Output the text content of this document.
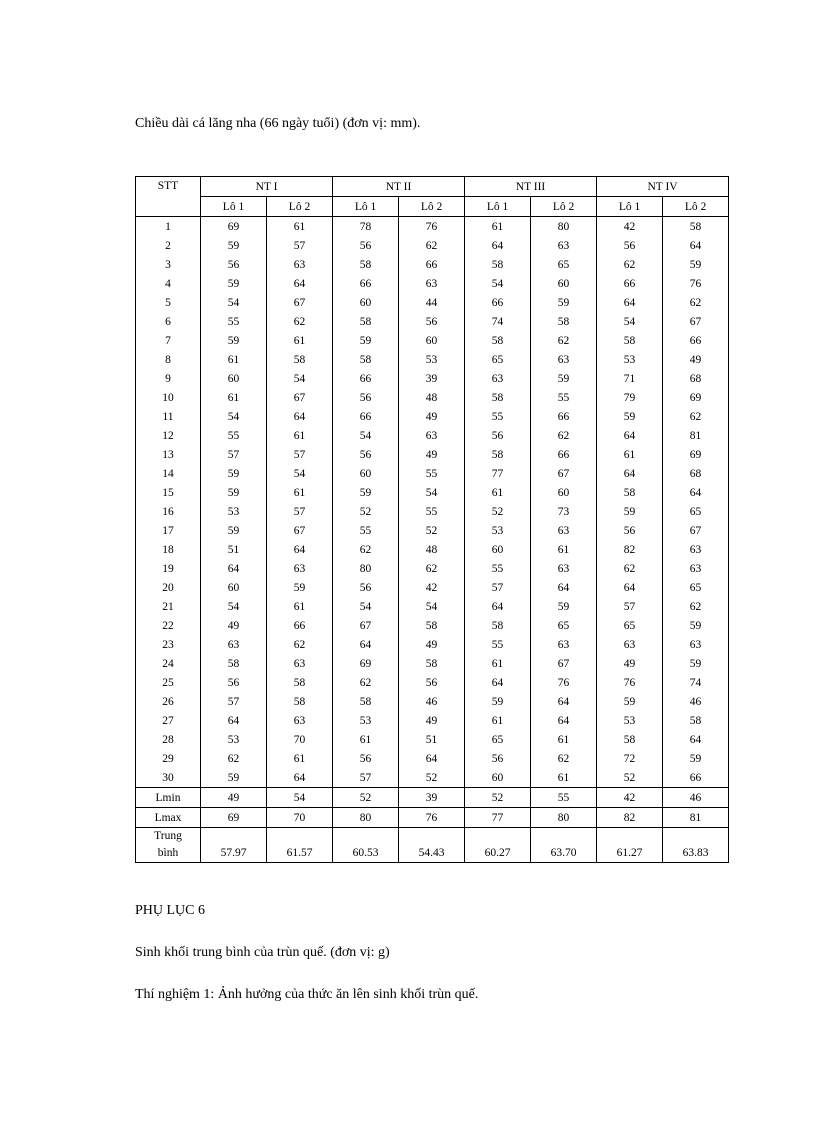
Chiều dài cá lăng nha (66 ngày tuổi) (đơn vị: mm).
STT	NT I		NT II		NT III		NT IV	
	Lô 1	Lô 2	Lô 1	Lô 2	Lô 1	Lô 2	Lô 1	Lô 2
1	69	61	78	76	61	80	42	58
2	59	57	56	62	64	63	56	64
3	56	63	58	66	58	65	62	59
4	59	64	66	63	54	60	66	76
5	54	67	60	44	66	59	64	62
6	55	62	58	56	74	58	54	67
7	59	61	59	60	58	62	58	66
8	61	58	58	53	65	63	53	49
9	60	54	66	39	63	59	71	68
10	61	67	56	48	58	55	79	69
11	54	64	66	49	55	66	59	62
12	55	61	54	63	56	62	64	81
13	57	57	56	49	58	66	61	69
14	59	54	60	55	77	67	64	68
15	59	61	59	54	61	60	58	64
16	53	57	52	55	52	73	59	65
17	59	67	55	52	53	63	56	67
18	51	64	62	48	60	61	82	63
19	64	63	80	62	55	63	62	63
20	60	59	56	42	57	64	64	65
21	54	61	54	54	64	59	57	62
22	49	66	67	58	58	65	65	59
23	63	62	64	49	55	63	63	63
24	58	63	69	58	61	67	49	59
25	56	58	62	56	64	76	76	74
26	57	58	58	46	59	64	59	46
27	64	63	53	49	61	64	53	58
28	53	70	61	51	65	61	58	64
29	62	61	56	64	56	62	72	59
30	59	64	57	52	60	61	52	66
Lmin	49	54	52	39	52	55	42	46
Lmax	69	70	80	76	77	80	82	81

Trung
bình	57.97	61.57	60.53	54.43	60.27	63.70	61.27	63.83
PHỤ LỤC 6
Sinh khối trung bình của trùn quế. (đơn vị: g)
Thí nghiệm 1: Ảnh hưởng của thức ăn lên sinh khối trùn quế.
